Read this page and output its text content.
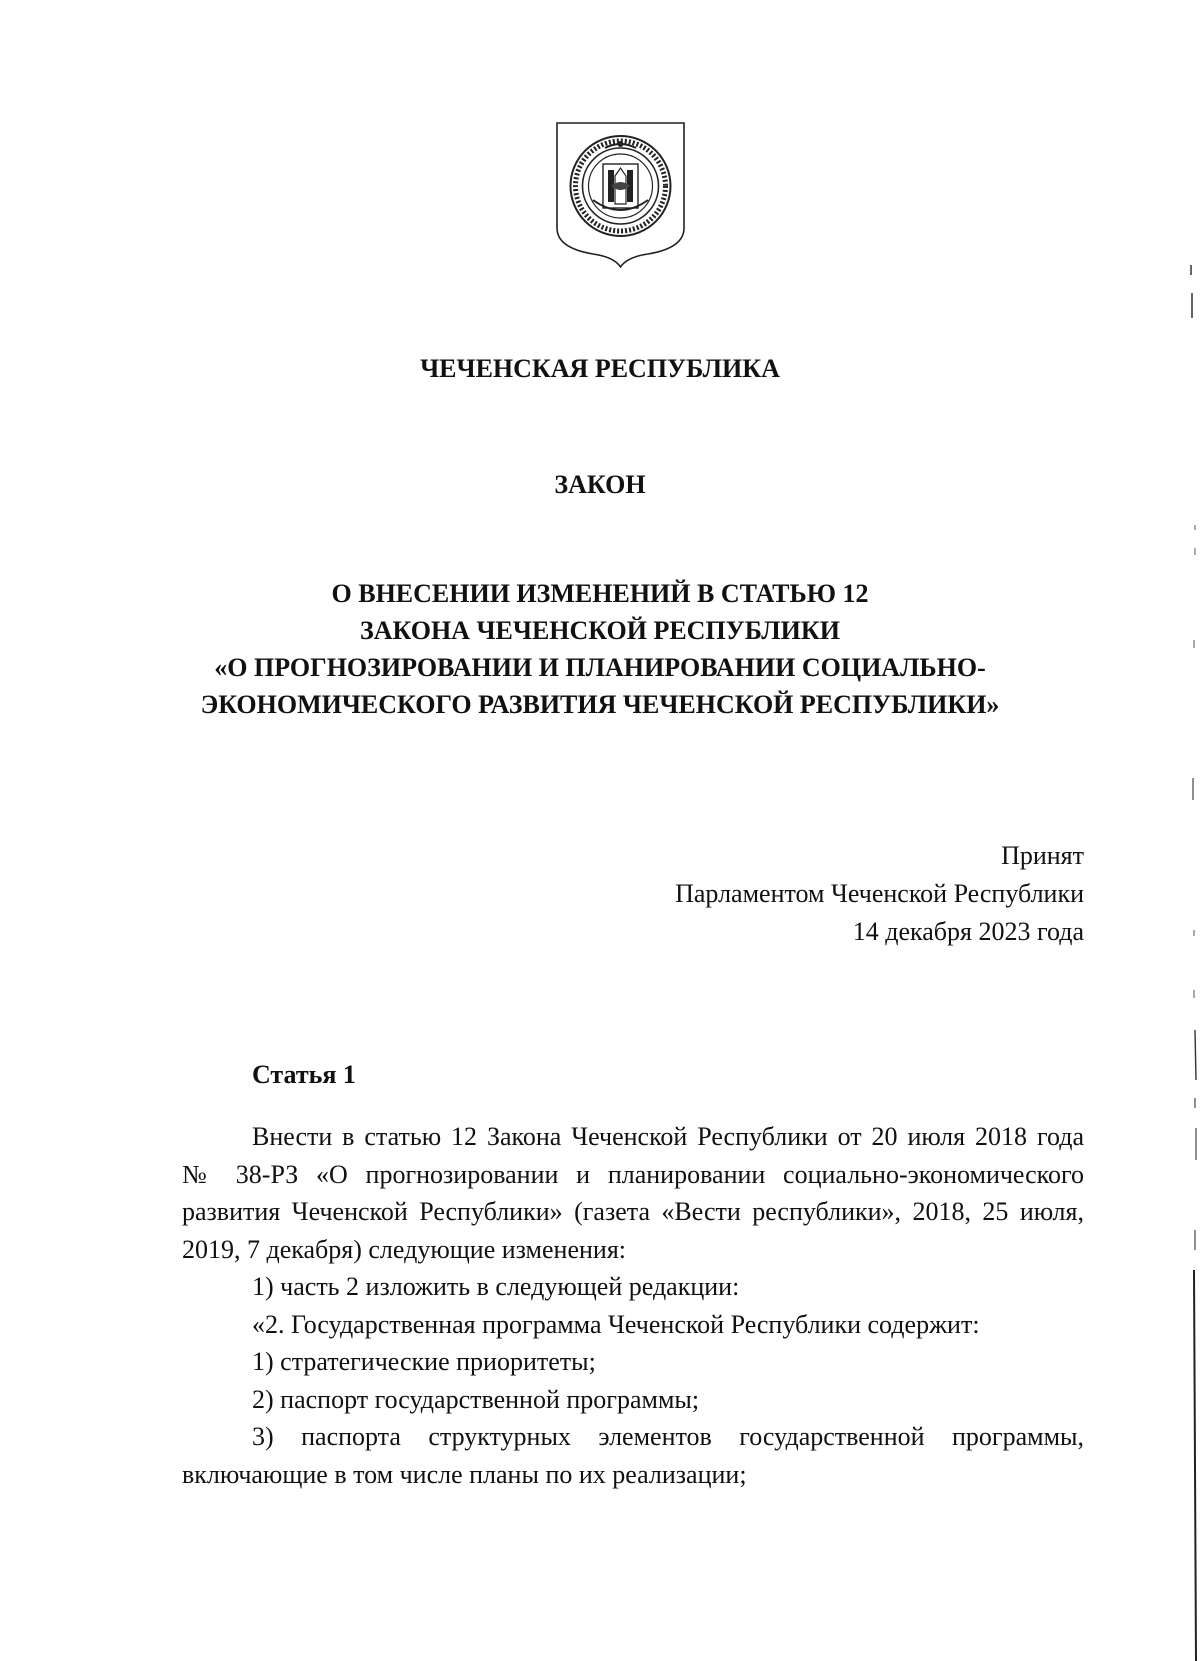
ЧЕЧЕНСКАЯ РЕСПУБЛИКА
ЗАКОН
О ВНЕСЕНИИ ИЗМЕНЕНИЙ В СТАТЬЮ 12
ЗАКОНА ЧЕЧЕНСКОЙ РЕСПУБЛИКИ
«О ПРОГНОЗИРОВАНИИ И ПЛАНИРОВАНИИ СОЦИАЛЬНО-
ЭКОНОМИЧЕСКОГО РАЗВИТИЯ ЧЕЧЕНСКОЙ РЕСПУБЛИКИ»
Принят
Парламентом Чеченской Республики
14 декабря 2023 года
Статья 1

Внести в статью 12 Закона Чеченской Республики от 20 июля 2018 года

№ 38-РЗ «О прогнозировании и планировании социально-экономического

развития Чеченской Республики» (газета «Вести республики», 2018, 25 июля,

2019, 7 декабря) следующие изменения:

1) часть 2 изложить в следующей редакции:

«2. Государственная программа Чеченской Республики содержит:

1) стратегические приоритеты;

2) паспорт государственной программы;

3) паспорта структурных элементов государственной программы,

включающие в том числе планы по их реализации;
